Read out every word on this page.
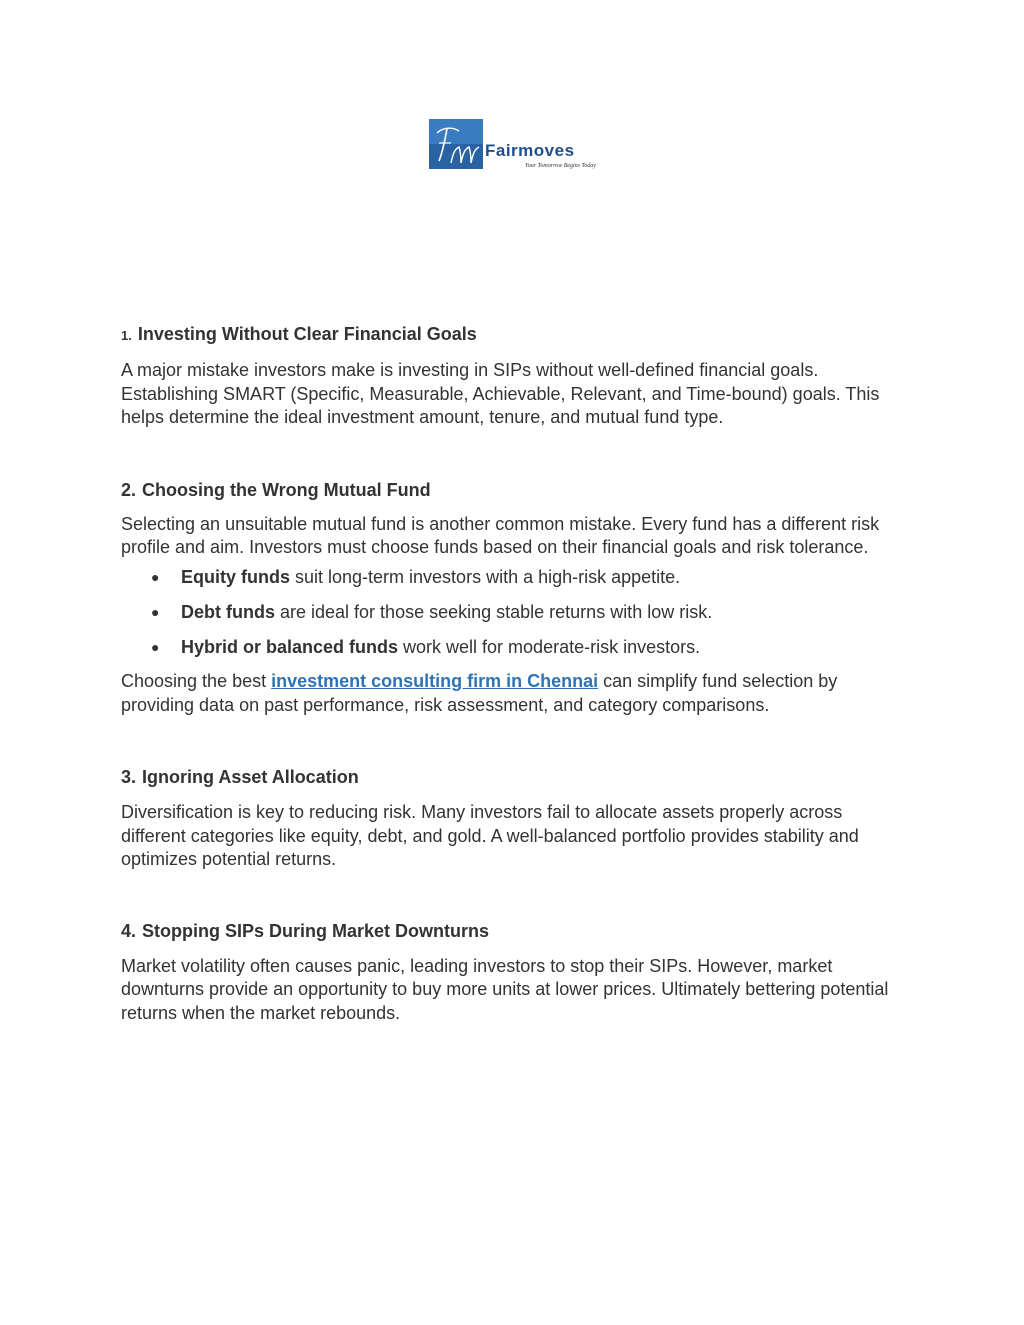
Fairmoves
Your Tomorrow Begins Today
1. Investing Without Clear Financial Goals

A major mistake investors make is investing in SIPs without well-defined financial goals. Establishing SMART (Specific, Measurable, Achievable, Relevant, and Time-bound) goals. This helps determine the ideal investment amount, tenure, and mutual fund type.

2. Choosing the Wrong Mutual Fund

Selecting an unsuitable mutual fund is another common mistake. Every fund has a different risk profile and aim. Investors must choose funds based on their financial goals and risk tolerance.

● Equity funds suit long-term investors with a high-risk appetite.
● Debt funds are ideal for those seeking stable returns with low risk.
● Hybrid or balanced funds work well for moderate-risk investors.

Choosing the best investment consulting firm in Chennai can simplify fund selection by providing data on past performance, risk assessment, and category comparisons.

3. Ignoring Asset Allocation

Diversification is key to reducing risk. Many investors fail to allocate assets properly across different categories like equity, debt, and gold. A well-balanced portfolio provides stability and optimizes potential returns.

4. Stopping SIPs During Market Downturns

Market volatility often causes panic, leading investors to stop their SIPs. However, market downturns provide an opportunity to buy more units at lower prices. Ultimately bettering potential returns when the market rebounds.
